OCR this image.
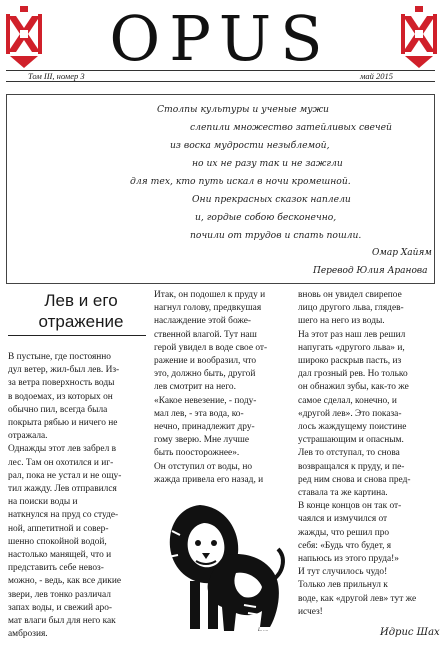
OPUS
Том III, номер 3	май 2015
Столпы культуры и ученые мужи
слепили множество затейливых свечей
из воска мудрости незыблемой,
но их не разу так и не зажгли
для тех, кто путь искал в ночи кромешной.
Они прекрасных сказок наплели
и, гордые собою бесконечно,
почили от трудов и спать пошли.
Омар Хайям
Перевод Юлия Аранова
Лев и его
отражение
В пустыне, где постоянно
дул ветер, жил-был лев. Из-
за ветра поверхность воды
в водоемах, из которых он
обычно пил, всегда была
покрыта рябью и ничего не
отражала.
Однажды этот лев забрел в
лес. Там он охотился и иг-
рал, пока не устал и не ощу-
тил жажду. Лев отправился
на поиски воды и
наткнулся на пруд со студе-
ной, аппетитной и совер-
шенно спокойной водой,
настолько манящей, что и
представить себе невоз-
можно, - ведь, как все дикие
звери, лев тонко различал
запах воды, и свежий аро-
мат влаги был для него как
амброзия.
Итак, он подошел к пруду и
нагнул голову, предвкушая
наслаждение этой боже-
ственной влагой. Тут наш
герой увидел в воде свое от-
ражение и вообразил, что
это, должно быть, другой
лев смотрит на него.
«Какое невезение, - поду-
мал лев, - эта вода, ко-
нечно, принадлежит дру-
гому зверю. Мне лучше
быть поосторожнее».
Он отступил от воды, но
жажда привела его назад, и
вновь он увидел свирепое
лицо другого льва, глядев-
шего на него из воды.
На этот раз наш лев решил
напугать «другого льва» и,
широко раскрыв пасть, из
дал грозный рев. Но только
он обнажил зубы, как-то же
самое сделал, конечно, и
«другой лев». Это показа-
лось жаждущему поистине
устрашающим и опасным.
Лев то отступал, то снова
возвращался к пруду, и пе-
ред ним снова и снова пред-
ставала та же картина.
В конце концов он так от-
чаялся и измучился от
жажды, что решил про
себя: «Будь что будет, я
напьюсь из этого пруда!»
И тут случилось чудо!
Только лев прильнул к
воде, как «другой лев» тут же
исчез!
L. ....	Идрис Шах
